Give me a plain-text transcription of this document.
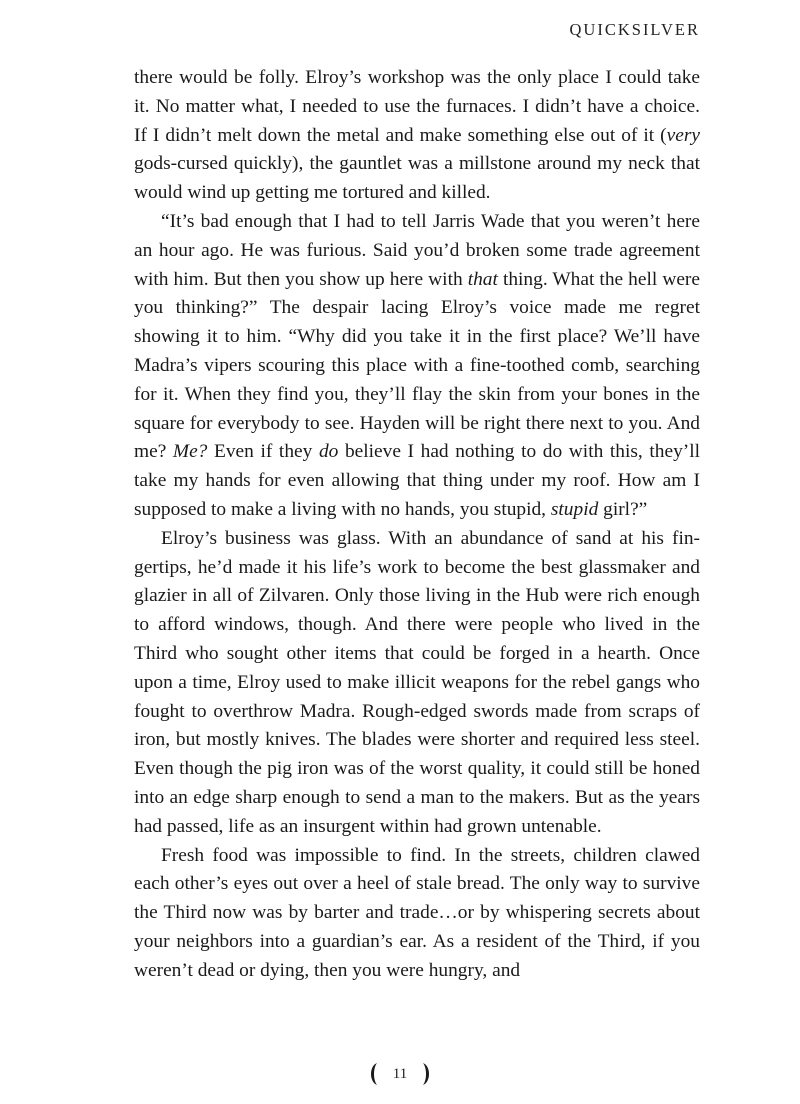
QUICKSILVER

there would be folly. Elroy’s workshop was the only place I could take it. No matter what, I needed to use the furnaces. I didn’t have a choice. If I didn’t melt down the metal and make something else out of it (very gods-cursed quickly), the gauntlet was a millstone around my neck that would wind up getting me tortured and killed.

“It’s bad enough that I had to tell Jarris Wade that you weren’t here an hour ago. He was furious. Said you’d broken some trade agreement with him. But then you show up here with that thing. What the hell were you thinking?” The despair lacing Elroy’s voice made me regret showing it to him. “Why did you take it in the first place? We’ll have Madra’s vipers scouring this place with a fine-toothed comb, searching for it. When they find you, they’ll flay the skin from your bones in the square for everybody to see. Hayden will be right there next to you. And me? Me? Even if they do believe I had nothing to do with this, they’ll take my hands for even allowing that thing under my roof. How am I supposed to make a living with no hands, you stupid, stupid girl?”

Elroy’s business was glass. With an abundance of sand at his fingertips, he’d made it his life’s work to become the best glassmaker and glazier in all of Zilvaren. Only those living in the Hub were rich enough to afford windows, though. And there were people who lived in the Third who sought other items that could be forged in a hearth. Once upon a time, Elroy used to make illicit weapons for the rebel gangs who fought to overthrow Madra. Rough-edged swords made from scraps of iron, but mostly knives. The blades were shorter and required less steel. Even though the pig iron was of the worst quality, it could still be honed into an edge sharp enough to send a man to the makers. But as the years had passed, life as an insurgent within had grown untenable.

Fresh food was impossible to find. In the streets, children clawed each other’s eyes out over a heel of stale bread. The only way to survive the Third now was by barter and trade…or by whispering secrets about your neighbors into a guardian’s ear. As a resident of the Third, if you weren’t dead or dying, then you were hungry, and

11
